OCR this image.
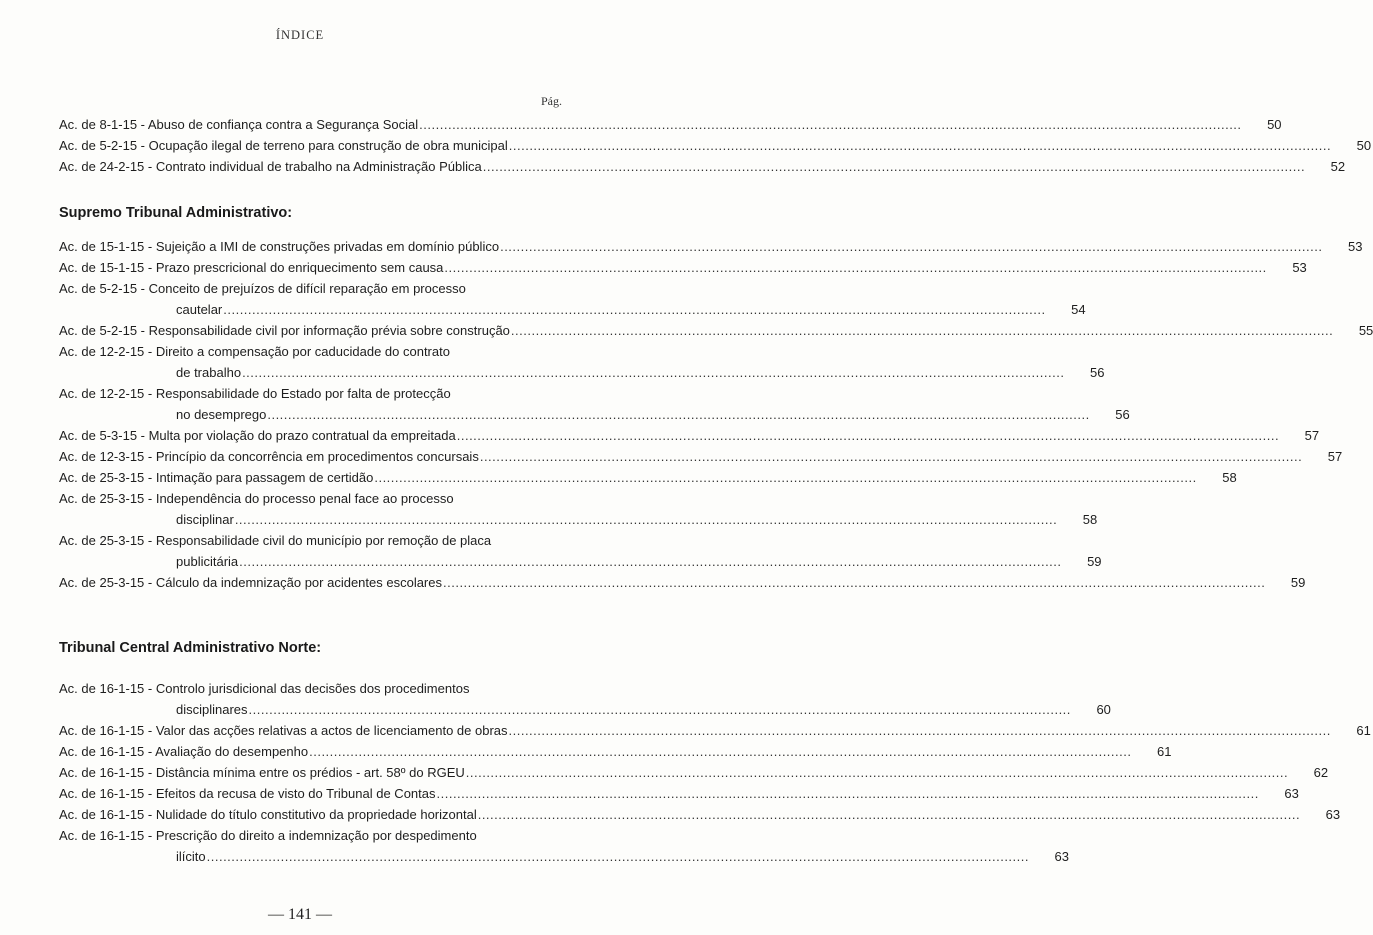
ÍNDICE
Pág.
Ac. de 8-1-15 - Abuso de confiança contra a Segurança Social ........................................................................................................................................................................................................	50
Ac. de 5-2-15 - Ocupação ilegal de terreno para construção de obra municipal ........................................................................................................................................................................................................	50
Ac. de 24-2-15 - Contrato individual de trabalho na Administração Pública ........................................................................................................................................................................................................	52
Supremo Tribunal Administrativo:
Ac. de 15-1-15 - Sujeição a IMI de construções privadas em domínio público ........................................................................................................................................................................................................	53
Ac. de 15-1-15 - Prazo prescricional do enriquecimento sem causa ........................................................................................................................................................................................................	53
Ac. de 5-2-15 - Conceito de prejuízos de difícil reparação em processo
cautelar ........................................................................................................................................................................................................	54
Ac. de 5-2-15 - Responsabilidade civil por informação prévia sobre construção ........................................................................................................................................................................................................	55
Ac. de 12-2-15 - Direito a compensação por caducidade do contrato
de trabalho ........................................................................................................................................................................................................	56
Ac. de 12-2-15 - Responsabilidade do Estado por falta de protecção
no desemprego ........................................................................................................................................................................................................	56
Ac. de 5-3-15 - Multa por violação do prazo contratual da empreitada ........................................................................................................................................................................................................	57
Ac. de 12-3-15 - Princípio da concorrência em procedimentos concursais ........................................................................................................................................................................................................	57
Ac. de 25-3-15 - Intimação para passagem de certidão ........................................................................................................................................................................................................	58
Ac. de 25-3-15 - Independência do processo penal face ao processo
disciplinar ........................................................................................................................................................................................................	58
Ac. de 25-3-15 - Responsabilidade civil do município por remoção de placa
publicitária ........................................................................................................................................................................................................	59
Ac. de 25-3-15 - Cálculo da indemnização por acidentes escolares ........................................................................................................................................................................................................	59
Tribunal Central Administrativo Norte:
Ac. de 16-1-15 - Controlo jurisdicional das decisões dos procedimentos
disciplinares ........................................................................................................................................................................................................	60
Ac. de 16-1-15 - Valor das acções relativas a actos de licenciamento de obras ........................................................................................................................................................................................................	61
Ac. de 16-1-15 - Avaliação do desempenho ........................................................................................................................................................................................................	61
Ac. de 16-1-15 - Distância mínima entre os prédios - art. 58º do RGEU ........................................................................................................................................................................................................	62
Ac. de 16-1-15 - Efeitos da recusa de visto do Tribunal de Contas ........................................................................................................................................................................................................	63
Ac. de 16-1-15 - Nulidade do título constitutivo da propriedade horizontal ........................................................................................................................................................................................................	63
Ac. de 16-1-15 - Prescrição do direito a indemnização por despedimento
ilícito ........................................................................................................................................................................................................	63
— 141 —
